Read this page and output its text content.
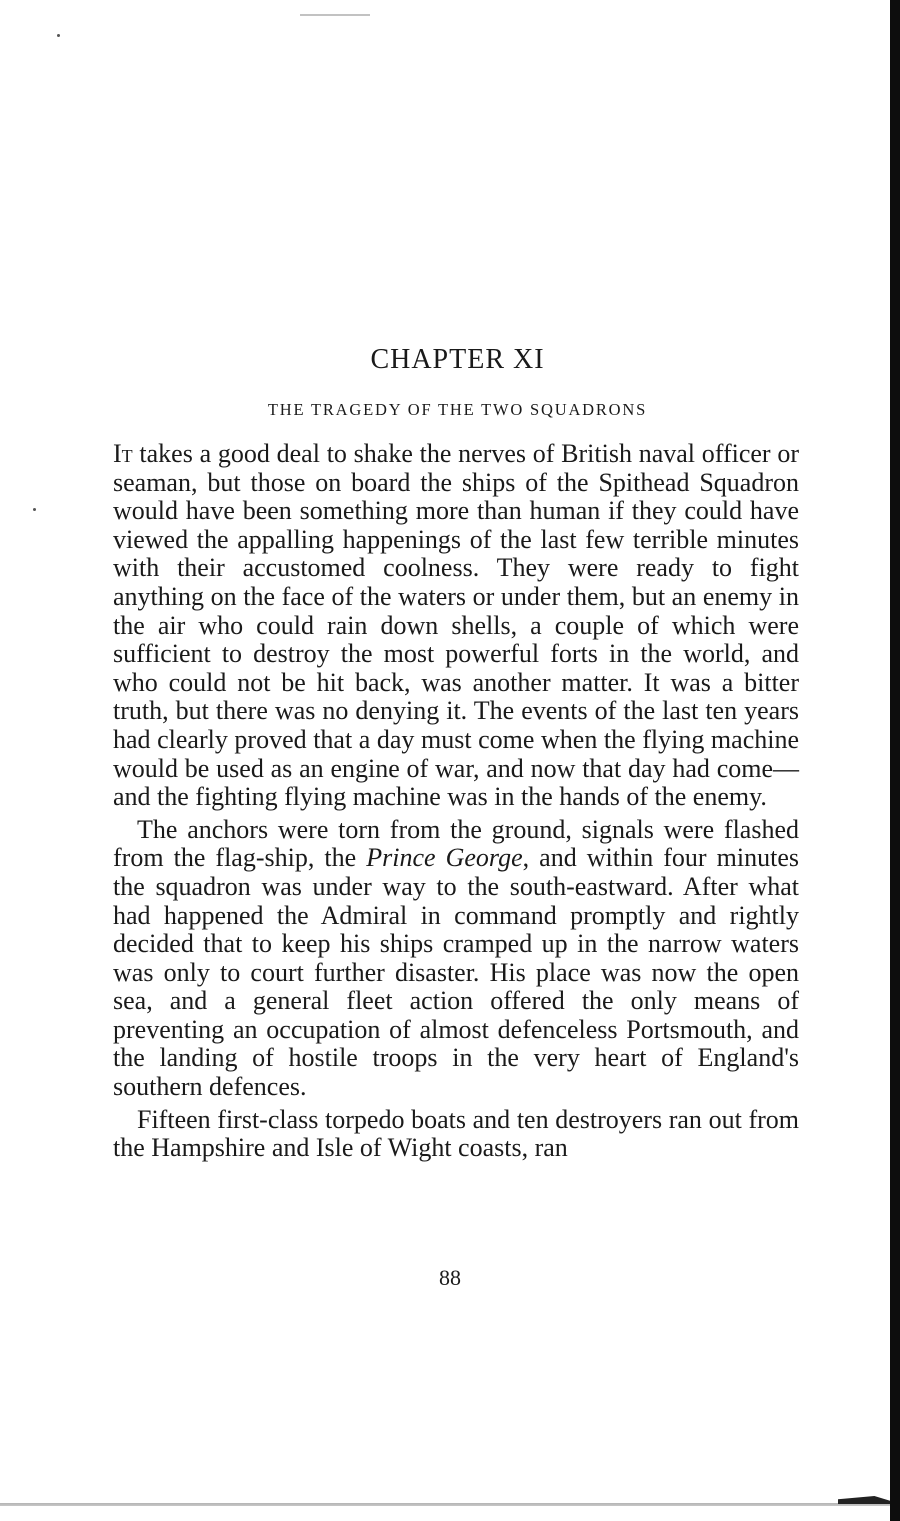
CHAPTER XI
THE TRAGEDY OF THE TWO SQUADRONS

It takes a good deal to shake the nerves of British naval officer or seaman, but those on board the ships of the Spithead Squadron would have been something more than human if they could have viewed the appalling happenings of the last few terrible minutes with their accustomed coolness. They were ready to fight anything on the face of the waters or under them, but an enemy in the air who could rain down shells, a couple of which were sufficient to destroy the most powerful forts in the world, and who could not be hit back, was another matter. It was a bitter truth, but there was no denying it. The events of the last ten years had clearly proved that a day must come when the flying machine would be used as an engine of war, and now that day had come—and the fighting flying machine was in the hands of the enemy.

The anchors were torn from the ground, signals were flashed from the flag-ship, the Prince George, and within four minutes the squadron was under way to the south-eastward. After what had happened the Admiral in command promptly and rightly decided that to keep his ships cramped up in the narrow waters was only to court further disaster. His place was now the open sea, and a general fleet action offered the only means of preventing an occupation of almost defenceless Portsmouth, and the landing of hostile troops in the very heart of England's southern defences.

Fifteen first-class torpedo boats and ten destroyers ran out from the Hampshire and Isle of Wight coasts, ran

88
